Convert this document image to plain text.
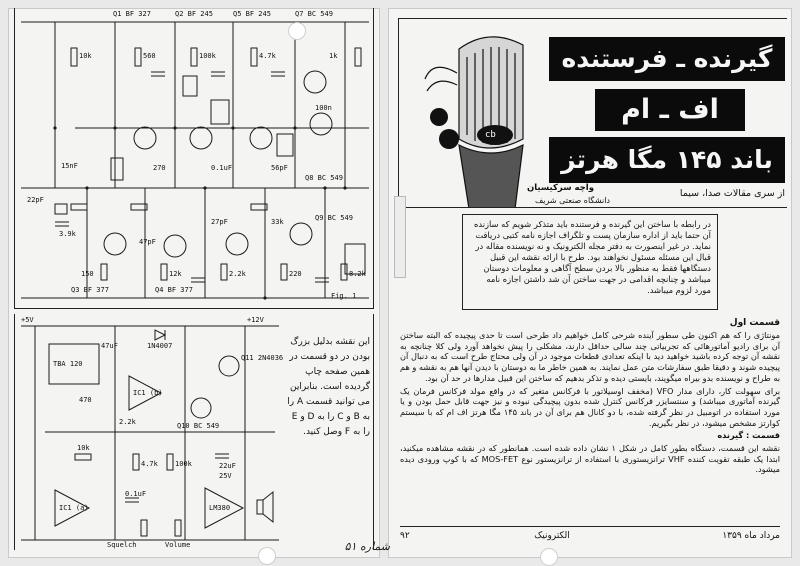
Q1 BF 327	Q2 BF 245	Q5 BF 245	Q7 BC 549
Q8 BC 549
Q9 BC 549
Q3 BF 377	Q4 BF 377
22pF
3.9k
15nF
47pF
10k	560	100k	4.7k	1k
270	0.1uF	56pF
150	12k
27pF
2.2k
33k
220	8.2k
100n
Fig. 1
TBA 120
IC1 (b)
IC1 (a)	LM380
Q10 BC 549
Q11 2N4036
+12V
+5V
1N4007
47uF
10k
4.7k	22uF
100k
2.2k
25V
470
Squelch	Volume
0.1uF

این نقشه بدلیل بزرگ بودن در دو قسمت در همین صفحه چاپ گردیده است. بنابراین می توانید قسمت A را به B و C را به D و E را به F وصل کنید.

cb
گیرنده ـ فرستنده
اف ـ ام
باند ۱۴۵ مگا هرتز
از سری مقالات صدا، سیما
واچه سرکیسیان
دانشگاه صنعتی شریف
در رابطه با ساختن این گیرنده و فرستنده باید متذکر شویم که سازنده آن حتما باید از اداره سازمان پست و تلگراف اجازه نامه کتبی دریافت نماید. در غیر اینصورت به دفتر مجله الکترونیک و نه نویسنده مقاله در قبال این مسئله مسئول نخواهند بود. طرح با ارائه نقشه این قبیل دستگاهها فقط به منظور بالا بردن سطح آگاهی و معلومات دوستان میباشد و چنانچه اقدامی در جهت ساختن آن شد داشتن اجازه نامه مورد لزوم میباشد.
قسمت اول

مونتاژی را که هم اکنون طی سطور آینده شرحی کامل خواهیم داد طرحی است تا حدی پیچیده که البته ساختن آن برای رادیو آماتورهائی که تجربیاتی چند سالی حداقل دارند، مشکلی را پیش نخواهد آورد ولی کلا چنانچه به نقشه آن توجه کرده باشید خواهید دید با اینکه تعدادی قطعات موجود در آن ولی محتاج طرح است که به دنبال آن پیچیده شوند و دقیقا طبق سفارشات متن عمل نمایند. به همین خاطر ما به دوستان با دیدن آنها هم به نقشه و هم به طراح و نویسنده بدو بیراه میگویند، بایستی دیده و تذکر بدهیم که ساختن این قبیل مدارها در حد آن بود.

برای سهولت کار، دارای مدار VFO (مخفف اوسیلاتور با فرکانس متغیر که در واقع مولد فرکانس فرمان یک گیرنده آماتوری میباشد) و سنتسایزر فرکانس کنترل شده بدون پیچیدگی نبوده و نیز جهت قابل حمل بودن و یا مورد استفاده در اتومبیل در نظر گرفته شده، با دو کانال هم برای آن در باند ۱۴۵ مگا هرتز اف ام که با سیستم کوارتز مشخص میشود، در نظر بگیریم.

قسمت : گیرنده

نقشه این قسمت، دستگاه بطور کامل در شکل ۱ نشان داده شده است. همانطور که در نقشه مشاهده میکنید، ابتدا یک طبقه تقویت کننده VHF ترانزیستوری با استفاده از ترانزیستور نوع MOS-FET که با کوپ ورودی دیده میشود.

۹۲	الکترونیک	مرداد ماه ۱۳۵۹
شماره ۵۱
